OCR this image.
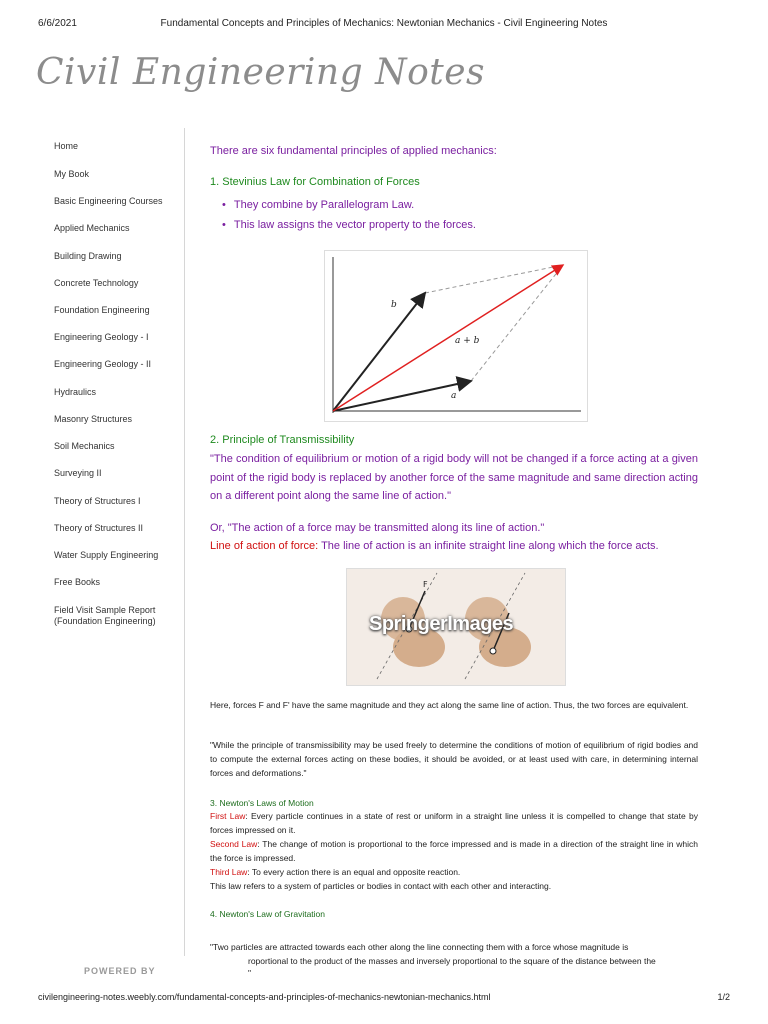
6/6/2021	Fundamental Concepts and Principles of Mechanics: Newtonian Mechanics - Civil Engineering Notes
Civil Engineering Notes
Home
My Book
Basic Engineering Courses
Applied Mechanics
Building Drawing
Concrete Technology
Foundation Engineering
Engineering Geology - I
Engineering Geology - II
Hydraulics
Masonry Structures
Soil Mechanics
Surveying II
Theory of Structures I
Theory of Structures II
Water Supply Engineering
Free Books
Field Visit Sample Report
(Foundation Engineering)
POWERED BY
There are six fundamental principles of applied mechanics:
1. Stevinius Law for Combination of Forces
• They combine by Parallelogram Law.
• This law assigns the vector property to the forces.
b
a
a + b
2. Principle of Transmissibility
"The condition of equilibrium or motion of a rigid body will not be changed if a force acting at a given point of the rigid body is replaced by another force of the same magnitude and same direction acting on a different point along the same line of action."
Or, "The action of a force may be transmitted along its line of action."
Line of action of force: The line of action is an infinite straight line along which the force acts.
F
SpringerImages
Here, forces F and F' have the same magnitude and they act along the same line of action. Thus, the two forces are equivalent.
"While the principle of transmissibility may be used freely to determine the conditions of motion of equilibrium of rigid bodies and to compute the external forces acting on these bodies, it should be avoided, or at least used with care, in determining internal forces and deformations."
3. Newton's Laws of Motion
First Law: Every particle continues in a state of rest or uniform in a straight line unless it is compelled to change that state by forces impressed on it.
Second Law: The change of motion is proportional to the force impressed and is made in a direction of the straight line in which the force is impressed.
Third Law: To every action there is an equal and opposite reaction.
This law refers to a system of particles or bodies in contact with each other and interacting.
4. Newton's Law of Gravitation
"Two particles are attracted towards each other along the line connecting them with a force whose magnitude is
roportional to the product of the masses and inversely proportional to the square of the distance between the
"
civilengineering-notes.weebly.com/fundamental-concepts-and-principles-of-mechanics-newtonian-mechanics.html	1/2
